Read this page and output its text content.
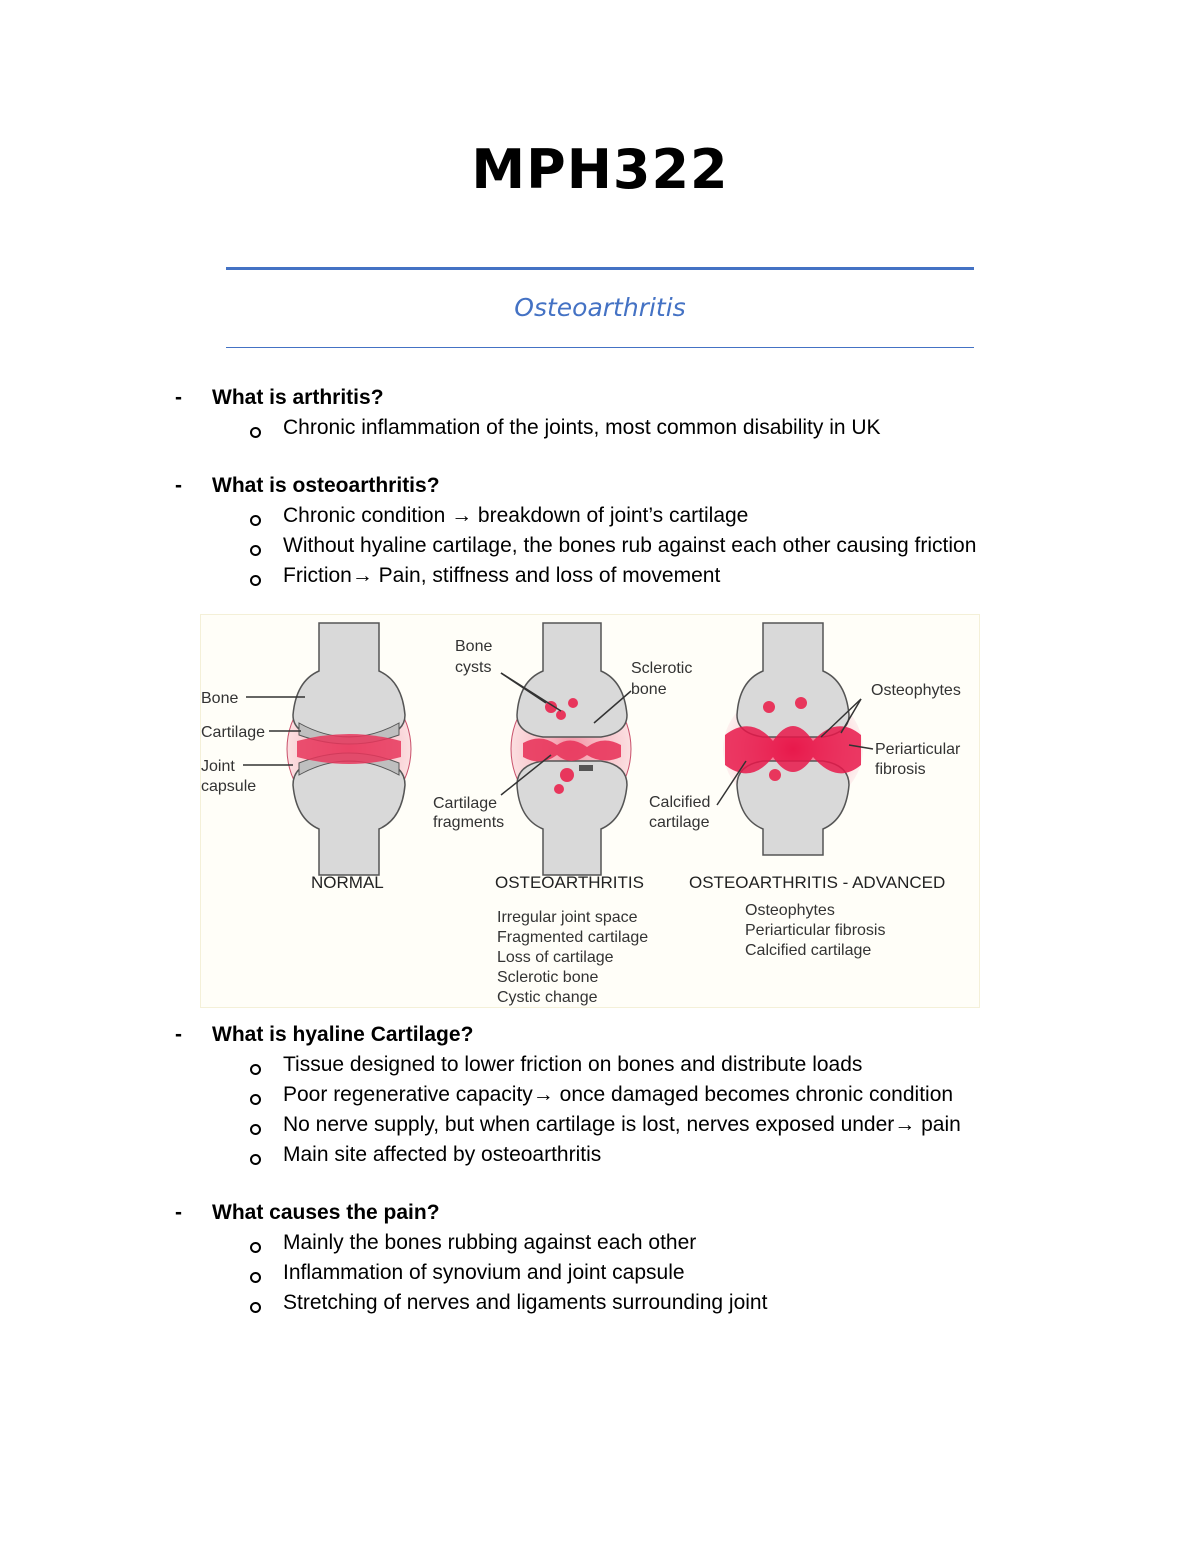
MPH322
Osteoarthritis
- What is arthritis?
Chronic inflammation of the joints, most common disability in UK
- What is osteoarthritis?
Chronic condition → breakdown of joint’s cartilage
Without hyaline cartilage, the bones rub against each other causing friction
Friction→ Pain, stiffness and loss of movement
Bone
Cartilage
Joint
capsule
NORMAL
Bone
cysts	Sclerotic
bone
Cartilage
fragments
OSTEOARTHRITIS
Irregular joint space
Fragmented cartilage
Loss of cartilage
Sclerotic bone
Cystic change
Osteophytes
Periarticular
fibrosis
Calcified
cartilage
OSTEOARTHRITIS - ADVANCED
Osteophytes
Periarticular fibrosis
Calcified cartilage
- What is hyaline Cartilage?
Tissue designed to lower friction on bones and distribute loads
Poor regenerative capacity→ once damaged becomes chronic condition
No nerve supply, but when cartilage is lost, nerves exposed under→ pain
Main site affected by osteoarthritis
- What causes the pain?
Mainly the bones rubbing against each other
Inflammation of synovium and joint capsule
Stretching of nerves and ligaments surrounding joint
